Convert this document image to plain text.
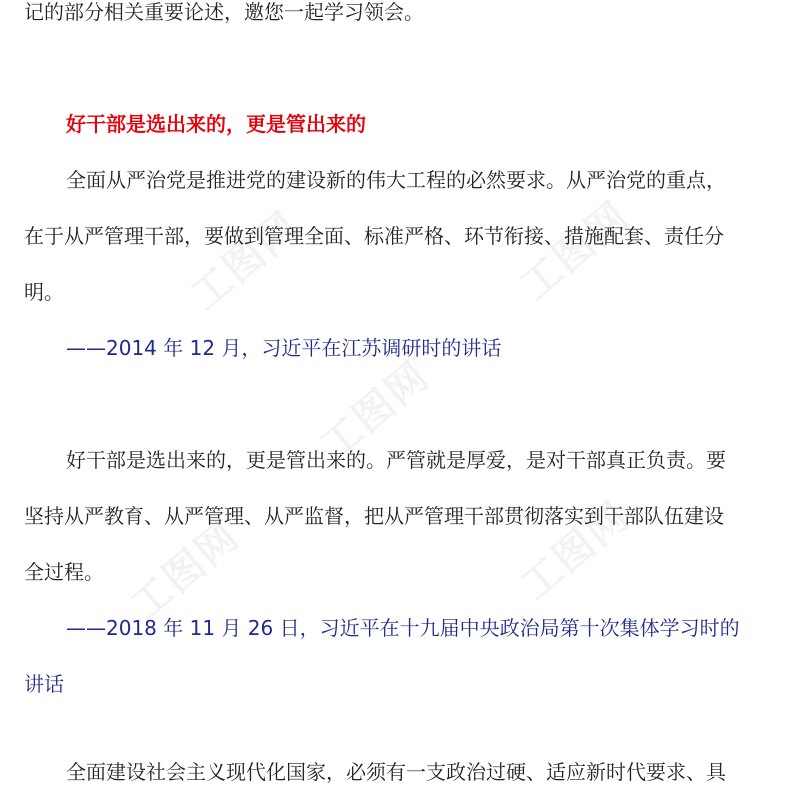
工图网	工图网
工图网
工图网	工图网
记的部分相关重要论述，邀您一起学习领会。
好干部是选出来的，更是管出来的
全面从严治党是推进党的建设新的伟大工程的必然要求。从严治党的重点，
在于从严管理干部，要做到管理全面、标准严格、环节衔接、措施配套、责任分
明。
——2014 年 12 月，习近平在江苏调研时的讲话
好干部是选出来的，更是管出来的。严管就是厚爱，是对干部真正负责。要
坚持从严教育、从严管理、从严监督，把从严管理干部贯彻落实到干部队伍建设
全过程。
——2018 年 11 月 26 日，习近平在十九届中央政治局第十次集体学习时的
讲话
全面建设社会主义现代化国家，必须有一支政治过硬、适应新时代要求、具
